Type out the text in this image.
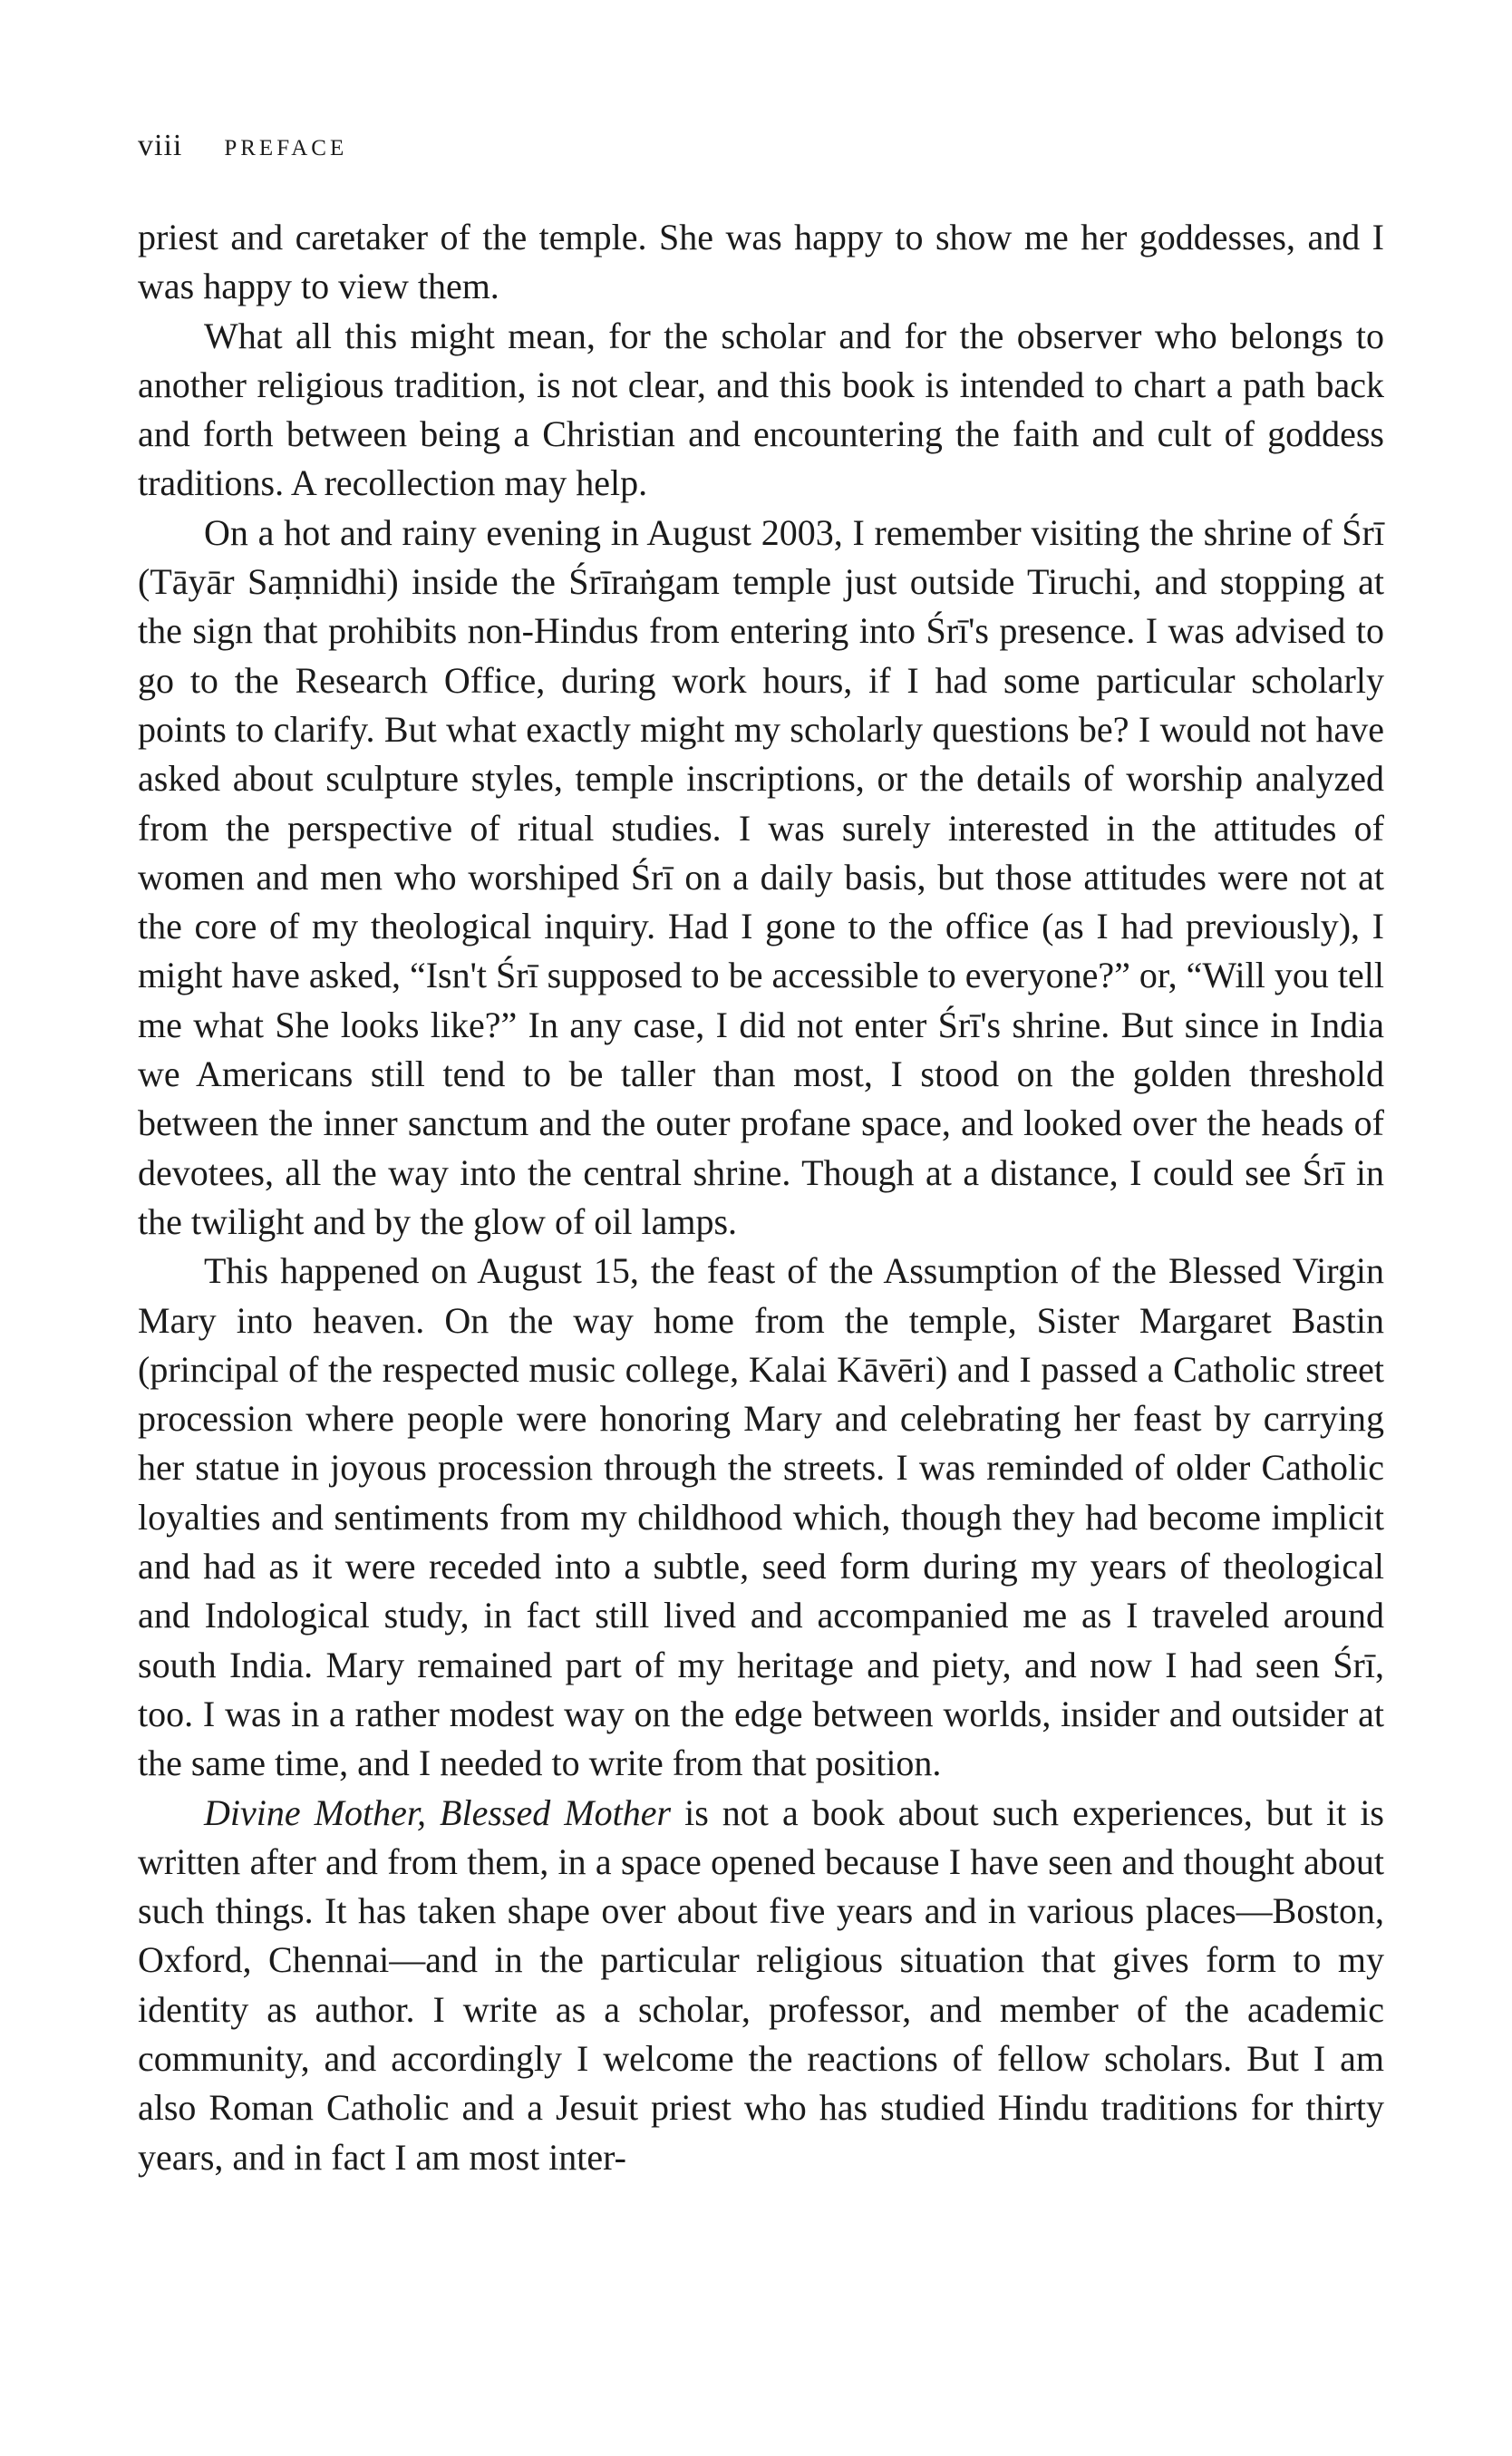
viii PREFACE

priest and caretaker of the temple. She was happy to show me her goddesses, and I was happy to view them.

What all this might mean, for the scholar and for the observer who belongs to another religious tradition, is not clear, and this book is intended to chart a path back and forth between being a Christian and encountering the faith and cult of goddess traditions. A recollection may help.

On a hot and rainy evening in August 2003, I remember visiting the shrine of Śrī (Tāyār Saṃnidhi) inside the Śrīraṅgam temple just outside Tiruchi, and stopping at the sign that prohibits non-Hindus from entering into Śrī's presence. I was advised to go to the Research Office, during work hours, if I had some particular scholarly points to clarify. But what exactly might my scholarly questions be? I would not have asked about sculpture styles, temple inscriptions, or the details of worship analyzed from the perspective of ritual studies. I was surely interested in the attitudes of women and men who worshiped Śrī on a daily basis, but those attitudes were not at the core of my theological inquiry. Had I gone to the office (as I had previously), I might have asked, “Isn't Śrī supposed to be accessible to everyone?” or, “Will you tell me what She looks like?” In any case, I did not enter Śrī's shrine. But since in India we Americans still tend to be taller than most, I stood on the golden threshold between the inner sanctum and the outer profane space, and looked over the heads of devotees, all the way into the central shrine. Though at a distance, I could see Śrī in the twilight and by the glow of oil lamps.

This happened on August 15, the feast of the Assumption of the Blessed Virgin Mary into heaven. On the way home from the temple, Sister Margaret Bastin (principal of the respected music college, Kalai Kāvēri) and I passed a Catholic street procession where people were honoring Mary and celebrating her feast by carrying her statue in joyous procession through the streets. I was reminded of older Catholic loyalties and sentiments from my childhood which, though they had become implicit and had as it were receded into a subtle, seed form during my years of theological and Indological study, in fact still lived and accompanied me as I traveled around south India. Mary remained part of my heritage and piety, and now I had seen Śrī, too. I was in a rather modest way on the edge between worlds, insider and outsider at the same time, and I needed to write from that position.

Divine Mother, Blessed Mother is not a book about such experiences, but it is written after and from them, in a space opened because I have seen and thought about such things. It has taken shape over about five years and in various places—Boston, Oxford, Chennai—and in the particular religious situation that gives form to my identity as author. I write as a scholar, professor, and member of the academic community, and accordingly I welcome the reactions of fellow scholars. But I am also Roman Catholic and a Jesuit priest who has studied Hindu traditions for thirty years, and in fact I am most inter-
